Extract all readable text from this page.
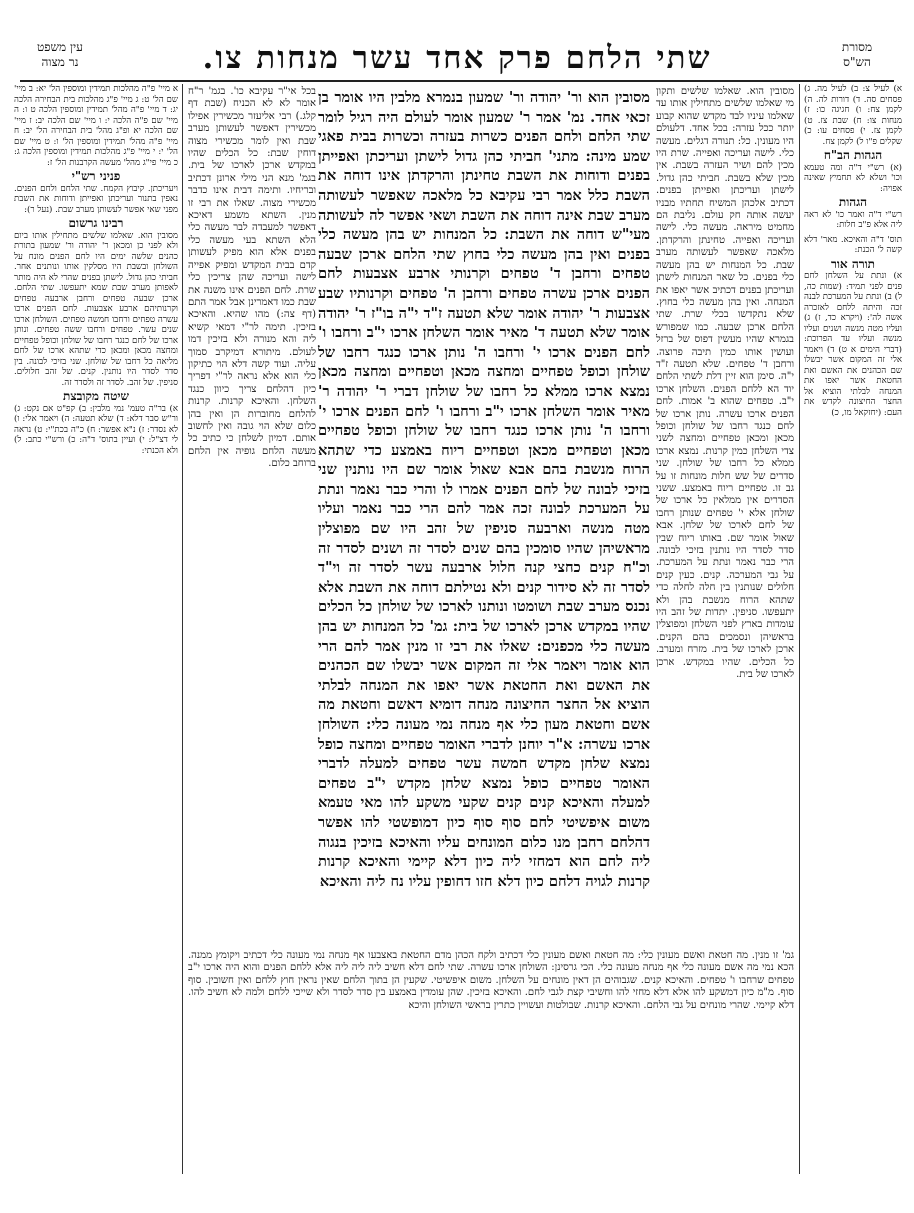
שתי הלחם פרק אחד עשר מנחות צו.
עין משפט
נר מצוה
מסורת
הש"ס
א) לעיל צ: ב) לעיל מה. ג) פסחים סה. ד) דורות לה. ה) לקמן צח: ו) חגיגה כו: ז) מנחות צו: ח) שבת צז. ט) לקמן צז. י) פסחים עו: כ) שקלים פ"ו ל) לקמן צח.
הגהות הב"ח
(א) רש"י ד"ה ומה טעמא וכו' ושלא לא תחמיץ שאינה אפויה:
הגהות
רש"י ד"ה ואמר כו' לא ראה ליה אלא פ"ב חלות:
תוס' ד"ה והאיכא. מאר' דלא קשה ל' הכנת:
תורה אור
א) ונתת על השלחן לחם פנים לפני תמיד: (שמות כה, ל) ב) ונתת על המערכת לבנה זכה והיתה ללחם לאזכרה אשה לה': (ויקרא כד, ז) ג) ועליו מטה מנשה ושנים ועליו מנשה ועליו עד הפרוכת: (דברי הימים א ט) ד) ויאמר אלי זה המקום אשר יבשלו שם הכהנים את האשם ואת החטאת אשר יאפו את המנחה לבלתי הוציא אל החצר החיצונה לקדש את העם: (יחזקאל מו, כ)
מסובין הוא. שאלמו שלשים ותקון מי שאלמו שלשים מתחילין אותו עד שאלמו עיניו לבד מקדש שהוא קבוע יותר ככל עזרה: בכל אחד. דלעולם היו מעונין. כל: תנורה דגלים. מעשה כלי. לישה ועריכה ואפייה. שרת היו מכין להם ושיר העזרה בשבת. אין מכין שלא בשבת. חביתי כהן גדול. לישתן ועריכתן ואפייתן בפנים. דכתיב אלכהן המשיח תחתיו מבניו יעשה אותה חק עולם. נליבת הם מחמיט מיראה. מעשה כלי. לישה ועריכה ואפייה. טחינתן והרקדתן. מלאכה שאפשר לעשותה מערב שבת. כל המנחות יש בהן מעשה כלי בפנים. כל שאר המנחות לישתן ועריכתן בפנים דכתיב אשר יאפו את המנחה. ואין בהן מעשה כלי בחוץ. שלא נתקדשו בכלי שרת. שתי הלחם ארכן שבעה. כמו שמפורש בגמרא שהיו מעשין דפוס של ברזל ועושין אותו כמין תיבה פרוצה. ורחבן ד' טפחים. שלא תטעה ז"ד י"ה. סימן הוא זיין דלת לשתי הלחם יוד הא ללחם הפנים. השלחן ארכו י"ב. טפחים שהוא ב' אמות. לחם הפנים ארכו עשרה. נותן ארכו של לחם כנגד רחבו של שולחן וכופל מכאן ומכאן טפחיים ומחצה לשני צדי השלחן כמין קרנות. נמצא ארכו ממלא כל רחבו של שולחן. שני סדרים של שש חלות מונחות זו על גב זו. טפחיים ריוח באמצע. ששני הסדרים אין ממלאין כל ארכו של שולחן אלא י' טפחים שנותן רחבו של לחם לארכו של שלחן. אבא שאול אומר שם. באותו ריוח שבין סדר לסדר היו נותנין בזיכי לבונה. הרי כבר נאמר ונתת על המערכת. על גבי המערכה. קנים. כעין קנים חלולים שנותנין בין חלה לחלה כדי שתהא הרוח מנשבת בהן ולא יתעפשו. סניפין. יתדות של זהב היו עומדות בארץ לפני השלחן ומפוצלין בראשיהן ונסמכים בהם הקנים. ארכן לארכו של בית. מזרח ומערב. כל הכלים. שהיו במקדש. ארכן לארכו של בית.
מסובין הוא ור' יהודה ור' שמעון בנמרא מלבין היו אומר בן זכאי אחד. נמ' אמר ר' שמעון אומר לעולם היה רגיל לומר שתי הלחם ולחם הפנים כשרות בעזרה וכשרות בבית פאגי שמע מינה: מתני' חביתי כהן גדול לישתן ועריכתן ואפייתן בפנים ודוחות את השבת טחינתן והרקדתן אינו דוחה את השבת כלל אמר רבי עקיבא כל מלאכה שאפשר לעשותה מערב שבת אינה דוחה את השבת ושאי אפשר לה לעשותה מעי"ש דוחה את השבת: כל המנחות יש בהן מעשה כלי בפנים ואין בהן מעשה כלי בחוץ שתי הלחם ארכן שבעה טפחים ורחבן ד' טפחים וקרנותי ארבע אצבעות לחם הפנים ארכן עשרה טפחים ורחבן ה' טפחים וקרנותיו שבע אצבעות ר' יהודה אומר שלא תטעה ז"ד י"ה בו"ז ר' יהודה אומר שלא תטעה ד' מאיר אומר השלחן ארכו י"ב ורחבו ו' לחם הפנים ארכו י' ורחבו ה' נותן ארכו כנגד רחבו של שולחן וכופל טפחיים ומחצה מכאן וטפחיים ומחצה מכאן נמצא ארכו ממלא כל רחבו של שולחן דברי ר' יהודה ר' מאיר אומר השלחן ארכו י"ב ורחבו ו' לחם הפנים ארכו י' ורחבו ה' נותן ארכו כנגד רחבו של שולחן וכופל טפחיים מכאן וטפחיים מכאן וטפחיים ריוח באמצע כדי שתהא הרוח מנשבת בהם אבא שאול אומר שם היו נותנין שני בזיכי לבונה של לחם הפנים אמרו לו והרי כבר נאמר ונתת על המערכת לבונה זכה אמר להם הרי כבר נאמר ועליו מטה מנשה וארבעה סניפין של זהב היו שם מפוצלין מראשיהן שהיו סומכין בהם שנים לסדר זה ושנים לסדר זה וכ"ח קנים כחצי קנה חלול ארבעה עשר לסדר זה וי"ד לסדר זה לא סידור קנים ולא נטילתם דוחה את השבת אלא נכנס מערב שבת ושומטו ונותנו לארכו של שולחן כל הכלים שהיו במקדש ארכן לארכו של בית: גמ' כל המנחות יש בהן מעשה כלי מכפנים: שאלו את רבי זו מנין אמר להם הרי הוא אומר ויאמר אלי זה המקום אשר יבשלו שם הכהנים את האשם ואת החטאת אשר יאפו את המנחה לבלתי הוציא אל החצר החיצונה מנחה דומיא דאשם וחטאת מה אשם וחטאת מעון כלי אף מנחה נמי מעונה כלי: השולחן ארכו עשרה: א"ר יוחנן לדברי האומר טפחיים ומחצה כופל נמצא שלחן מקדש חמשה עשר טפחים למעלה לדברי האומר טפחיים כופל נמצא שלחן מקדש י"ב טפחים למעלה והאיכא קנים קנים שקעי משקע להו מאי טעמא משום איפשיטי לחם סוף סוף כיון דמופשטי להו אפשר דהלחם רחבן מנו כלום המונחים עליו והאיכא בזיכין בנגוה ליה לחם הוא דמחזי ליה כיון דלא קיימי והאיכא קרנות קרנות לגויה דלחם כיון דלא חזו דחופין עליו נח ליה והאיכא
בכל אי"ר עקיבא כו'. בגמ' ר"ח אומר לא לא הכניח (שבת דף קלג.) רבי אליעזר מכשירין אפילו מכשירין דאפשר לעשותן מערב שבת ואין לומר מכשירי מצוה דוחין שבת: כל הכלים שהיו במקדש ארכן לארכו של בית. בגמ' מנא הני מילי ארונן דכתיב ובריחיו. ותימה דבית אינו כדבר מכשירי מצוה. שאלו את רבי זו מנין. השתא משמע דאיכא דאפשר למעבדה לבר מעשה כלי הלא השתא בעי מעשה כלי בפנים אלא הוא מפיק לעשותן קדם בבית המקדש ומפיק אפייה לישה ועריכה שהן צריכין כלי שרת. לחם הפנים אינו משנה את שבת כמו דאמרינן אבל אמר התם (דף צה:) מהו שהיא. והאיכא בזיכין. תימה לר"י דמאי קשיא ליה והא מנורה ולא בזיכין דמו לעולם. מיתורא דמיקרב סמוך עליה. ועוד קשה דלא הוי כתיקון כלי הוא אלא נראה לר"י דפריך כיון דהלחם צריך כיוון כנגד השלחן. והאיכא קרנות. קרנות להלחם מחוברות הן ואין בהן כלום שלא הוי גובה ואין לחשוב אותם. דמיון לשלחן כי כתיב כל מעשה הלחם גופיה אין הלחם ברוחב כלום.
גמ' זו מנין. מה חטאת ואשם מעונין כלי: מה חטאת ואשם מעונין כלי דכתיב ולקח הכהן מדם החטאת באצבעו אף מנחה נמי מעונה כלי דכתיב ויקומץ ממנה. הכא נמי מה אשם מעונה כלי אף מנחה מעונה כלי. הכי גרסינן: השולחן ארכו עשרה. שתי לחם דלא חשיב ליה ליה ליה אלא ללחם הפנים והוא היה ארכו י"ב טפחים שרחבו ו' טפחים. והאיכא קנים. שגבוהים הן דאין מונחים על השלחן. משום איפשיטי. שקעין הן בתוך הלחם שאין נראין חוץ ללחם ואין חשובין. סוף סוף. מ"מ כיון דמשקע להו אלא דלא מחזי להו וחשיבי קצת לגבי לחם. והאיכא בזיכין. שהן עומדין באמצע בין סדר לסדר ולא שייכי ללחם ולמה לא חשיב להו. דלא קיימי. שהרי מונחים על גבי הלחם. והאיכא קרנות. שבולטות ועשויין כתרין בראשי השולחן והיכא
א מיי' פ"ה מהלכות תמידין ומוספין הל' יא: ב מיי' שם הל' ט: ג מיי' פ"ג מהלכות בית הבחירה הלכה יג: ד מיי' פ"ה מהל' תמידין ומוספין הלכה ט ו: ה מיי' שם פ"ה הלכה י: ו מיי' שם הלכה יב: ז מיי' שם הלכה יא ופ"ג מהל' בית הבחירה הל' יב: ח מיי' פ"ה מהל' תמידין ומוספין הל' ו: ט מיי' שם הל' י: י מיי' פ"ג מהלכות תמידין ומוספין הלכה ג: כ מיי' פי"ג מהל' מעשה הקרבנות הל' ז:
פניני רש"י
ויעריכתן. קיבוץ הקמח. שתי הלחם ולחם הפנים. נאפין בתנור ועריכתן ואפייתן ודוחות את השבת מפני שאי אפשר לעשותן מערב שבת. (נעל ר):
רבינו גרשום
מסובין הוא. שאלמו שלשים מתחילין אותו ביום ולא לפני כן ומכאן ר' יהודה ור' שמעון בתורת כהנים שלשה ימים היו לחם הפנים מונח על השולחן ובשבת היו מסלקין אותו ונותנים אחר. חביתי כהן גדול. לישתן בפנים שהרי לא היה מותר לאפותן מערב שבת שמא יתעפשו. שתי הלחם. ארכן שבעה טפחים ורחבן ארבעה טפחים וקרנותיהם ארבע אצבעות. לחם הפנים ארכו עשרה טפחים ורחבו חמשה טפחים. השולחן ארכו שנים עשר. טפחים ורחבו ששה טפחים. ונותן ארכו של לחם כנגד רחבו של שולחן וכופל טפחיים ומחצה מכאן ומכאן כדי שתהא ארכו של לחם מליאה כל רחבו של שולחן. שני בזיכי לבונה. בין סדר לסדר היו נותנין. קנים. של זהב חלולים. סניפין. של זהב. לסדר זה ולסדר זה.
שיטה מקובצת
א) בר"ה טעמ' נמי מלבין: ב) קפ"ט אם נקט: ג) ור"ש סבר דלא: ד) שלא תטעה: ה) ויאמר אלי: ו) לא נסדר: ז) נ"א אפשר: ח) כ"ה בכת"י: ט) נראה לי דצ"ל: י) ועיין בתוס' ד"ה: כ) ורש"י כתב: ל) ולא הכנתי:
